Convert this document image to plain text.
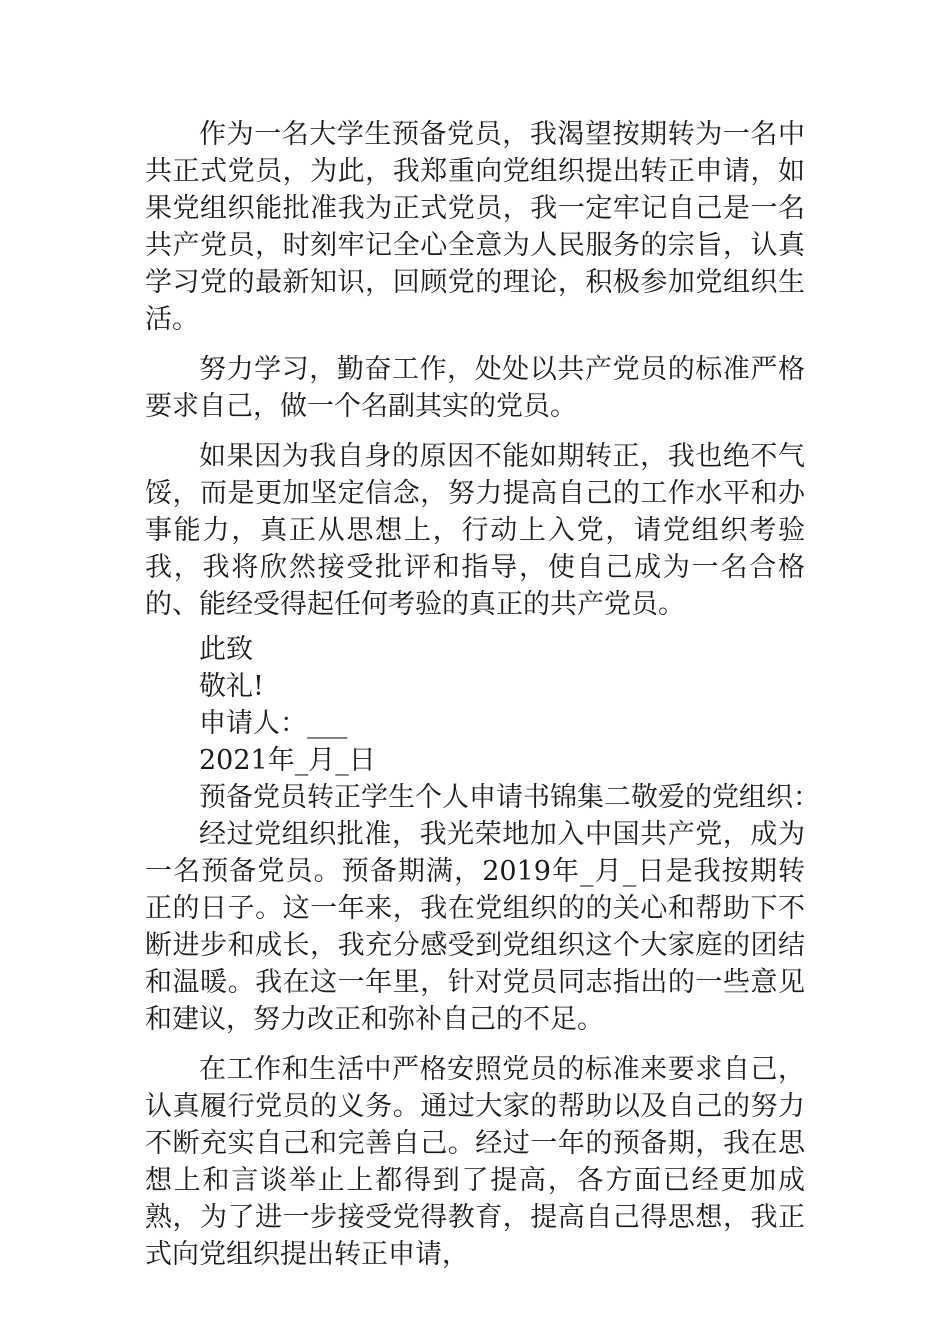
作为一名大学生预备党员，我渴望按期转为一名中共正式党员，为此，我郑重向党组织提出转正申请，如果党组织能批准我为正式党员，我一定牢记自己是一名共产党员，时刻牢记全心全意为人民服务的宗旨，认真学习党的最新知识，回顾党的理论，积极参加党组织生活。

努力学习，勤奋工作，处处以共产党员的标准严格要求自己，做一个名副其实的党员。

如果因为我自身的原因不能如期转正，我也绝不气馁，而是更加坚定信念，努力提高自己的工作水平和办事能力，真正从思想上，行动上入党，请党组织考验我，我将欣然接受批评和指导，使自己成为一名合格的、能经受得起任何考验的真正的共产党员。

此致

敬礼!

申请人：___

2021年_月_日

预备党员转正学生个人申请书锦集二敬爱的党组织：

经过党组织批准，我光荣地加入中国共产党，成为一名预备党员。预备期满，2019年_月_日是我按期转正的日子。这一年来，我在党组织的的关心和帮助下不断进步和成长，我充分感受到党组织这个大家庭的团结和温暖。我在这一年里，针对党员同志指出的一些意见和建议，努力改正和弥补自己的不足。

在工作和生活中严格安照党员的标准来要求自己，认真履行党员的义务。通过大家的帮助以及自己的努力不断充实自己和完善自己。经过一年的预备期，我在思想上和言谈举止上都得到了提高，各方面已经更加成熟，为了进一步接受党得教育，提高自己得思想，我正式向党组织提出转正申请，
